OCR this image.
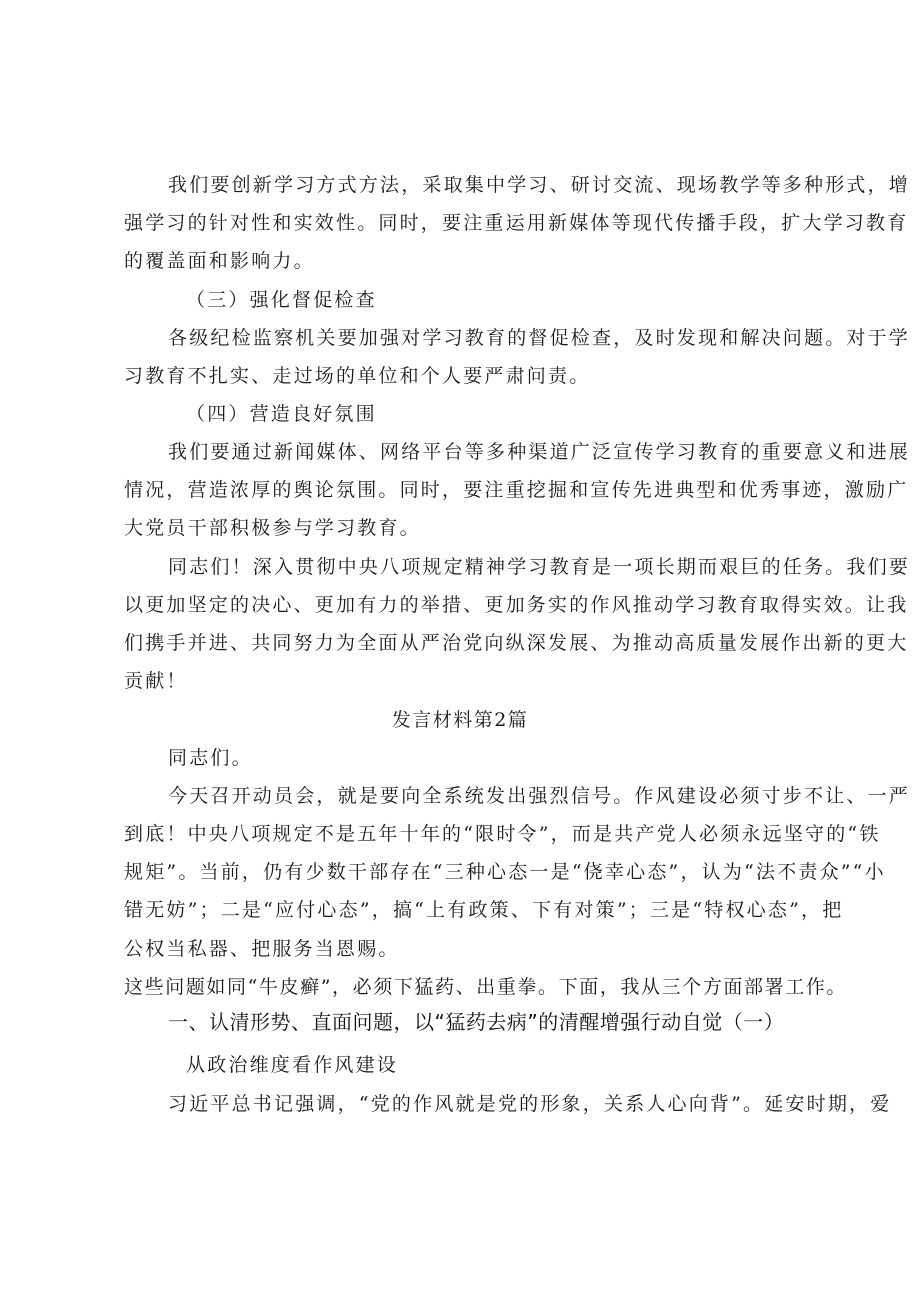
我们要创新学习方式方法，采取集中学习、研讨交流、现场教学等多种形式，增
强学习的针对性和实效性。同时，要注重运用新媒体等现代传播手段，扩大学习教育
的覆盖面和影响力。
（三）强化督促检查
各级纪检监察机关要加强对学习教育的督促检查，及时发现和解决问题。对于学
习教育不扎实、走过场的单位和个人要严肃问责。
（四）营造良好氛围
我们要通过新闻媒体、网络平台等多种渠道广泛宣传学习教育的重要意义和进展
情况，营造浓厚的舆论氛围。同时，要注重挖掘和宣传先进典型和优秀事迹，激励广
大党员干部积极参与学习教育。
同志们！深入贯彻中央八项规定精神学习教育是一项长期而艰巨的任务。我们要
以更加坚定的决心、更加有力的举措、更加务实的作风推动学习教育取得实效。让我
们携手并进、共同努力为全面从严治党向纵深发展、为推动高质量发展作出新的更大
贡献！
发言材料第2篇
同志们。
今天召开动员会，就是要向全系统发出强烈信号。作风建设必须寸步不让、一严
到底！中央八项规定不是五年十年的“限时令”，而是共产党人必须永远坚守的“铁
规矩”。当前，仍有少数干部存在“三种心态一是“侥幸心态”，认为“法不责众”“小
错无妨”；二是“应付心态”，搞“上有政策、下有对策”；三是“特权心态”，把
公权当私器、把服务当恩赐。
这些问题如同“牛皮癣”，必须下猛药、出重拳。下面，我从三个方面部署工作。
一、认清形势、直面问题，以“猛药去病”的清醒增强行动自觉（一）
从政治维度看作风建设
习近平总书记强调，“党的作风就是党的形象，关系人心向背”。延安时期，爱
